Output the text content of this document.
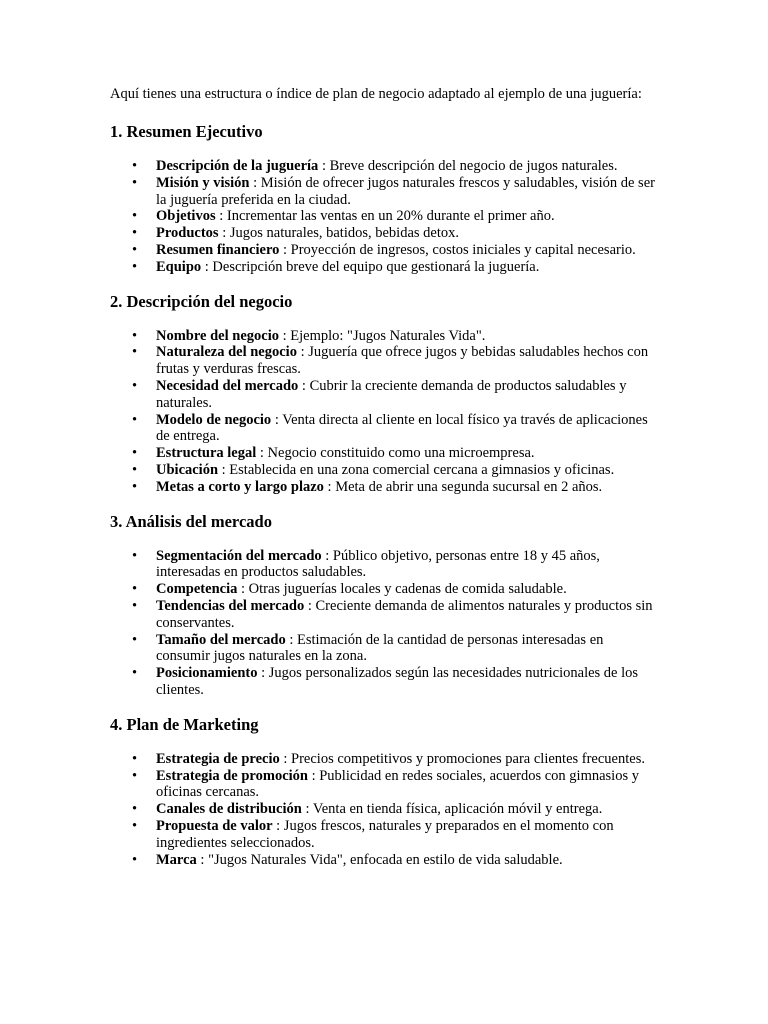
Aquí tienes una estructura o índice de plan de negocio adaptado al ejemplo de una juguería:

1. Resumen Ejecutivo
• Descripción de la juguería : Breve descripción del negocio de jugos naturales.
• Misión y visión : Misión de ofrecer jugos naturales frescos y saludables, visión de ser la juguería preferida en la ciudad.
• Objetivos : Incrementar las ventas en un 20% durante el primer año.
• Productos : Jugos naturales, batidos, bebidas detox.
• Resumen financiero : Proyección de ingresos, costos iniciales y capital necesario.
• Equipo : Descripción breve del equipo que gestionará la juguería.
2. Descripción del negocio
• Nombre del negocio : Ejemplo: "Jugos Naturales Vida".
• Naturaleza del negocio : Juguería que ofrece jugos y bebidas saludables hechos con frutas y verduras frescas.
• Necesidad del mercado : Cubrir la creciente demanda de productos saludables y naturales.
• Modelo de negocio : Venta directa al cliente en local físico ya través de aplicaciones de entrega.
• Estructura legal : Negocio constituido como una microempresa.
• Ubicación : Establecida en una zona comercial cercana a gimnasios y oficinas.
• Metas a corto y largo plazo : Meta de abrir una segunda sucursal en 2 años.
3. Análisis del mercado
• Segmentación del mercado : Público objetivo, personas entre 18 y 45 años, interesadas en productos saludables.
• Competencia : Otras juguerías locales y cadenas de comida saludable.
• Tendencias del mercado : Creciente demanda de alimentos naturales y productos sin conservantes.
• Tamaño del mercado : Estimación de la cantidad de personas interesadas en consumir jugos naturales en la zona.
• Posicionamiento : Jugos personalizados según las necesidades nutricionales de los clientes.
4. Plan de Marketing
• Estrategia de precio : Precios competitivos y promociones para clientes frecuentes.
• Estrategia de promoción : Publicidad en redes sociales, acuerdos con gimnasios y oficinas cercanas.
• Canales de distribución : Venta en tienda física, aplicación móvil y entrega.
• Propuesta de valor : Jugos frescos, naturales y preparados en el momento con ingredientes seleccionados.
• Marca : "Jugos Naturales Vida", enfocada en estilo de vida saludable.
